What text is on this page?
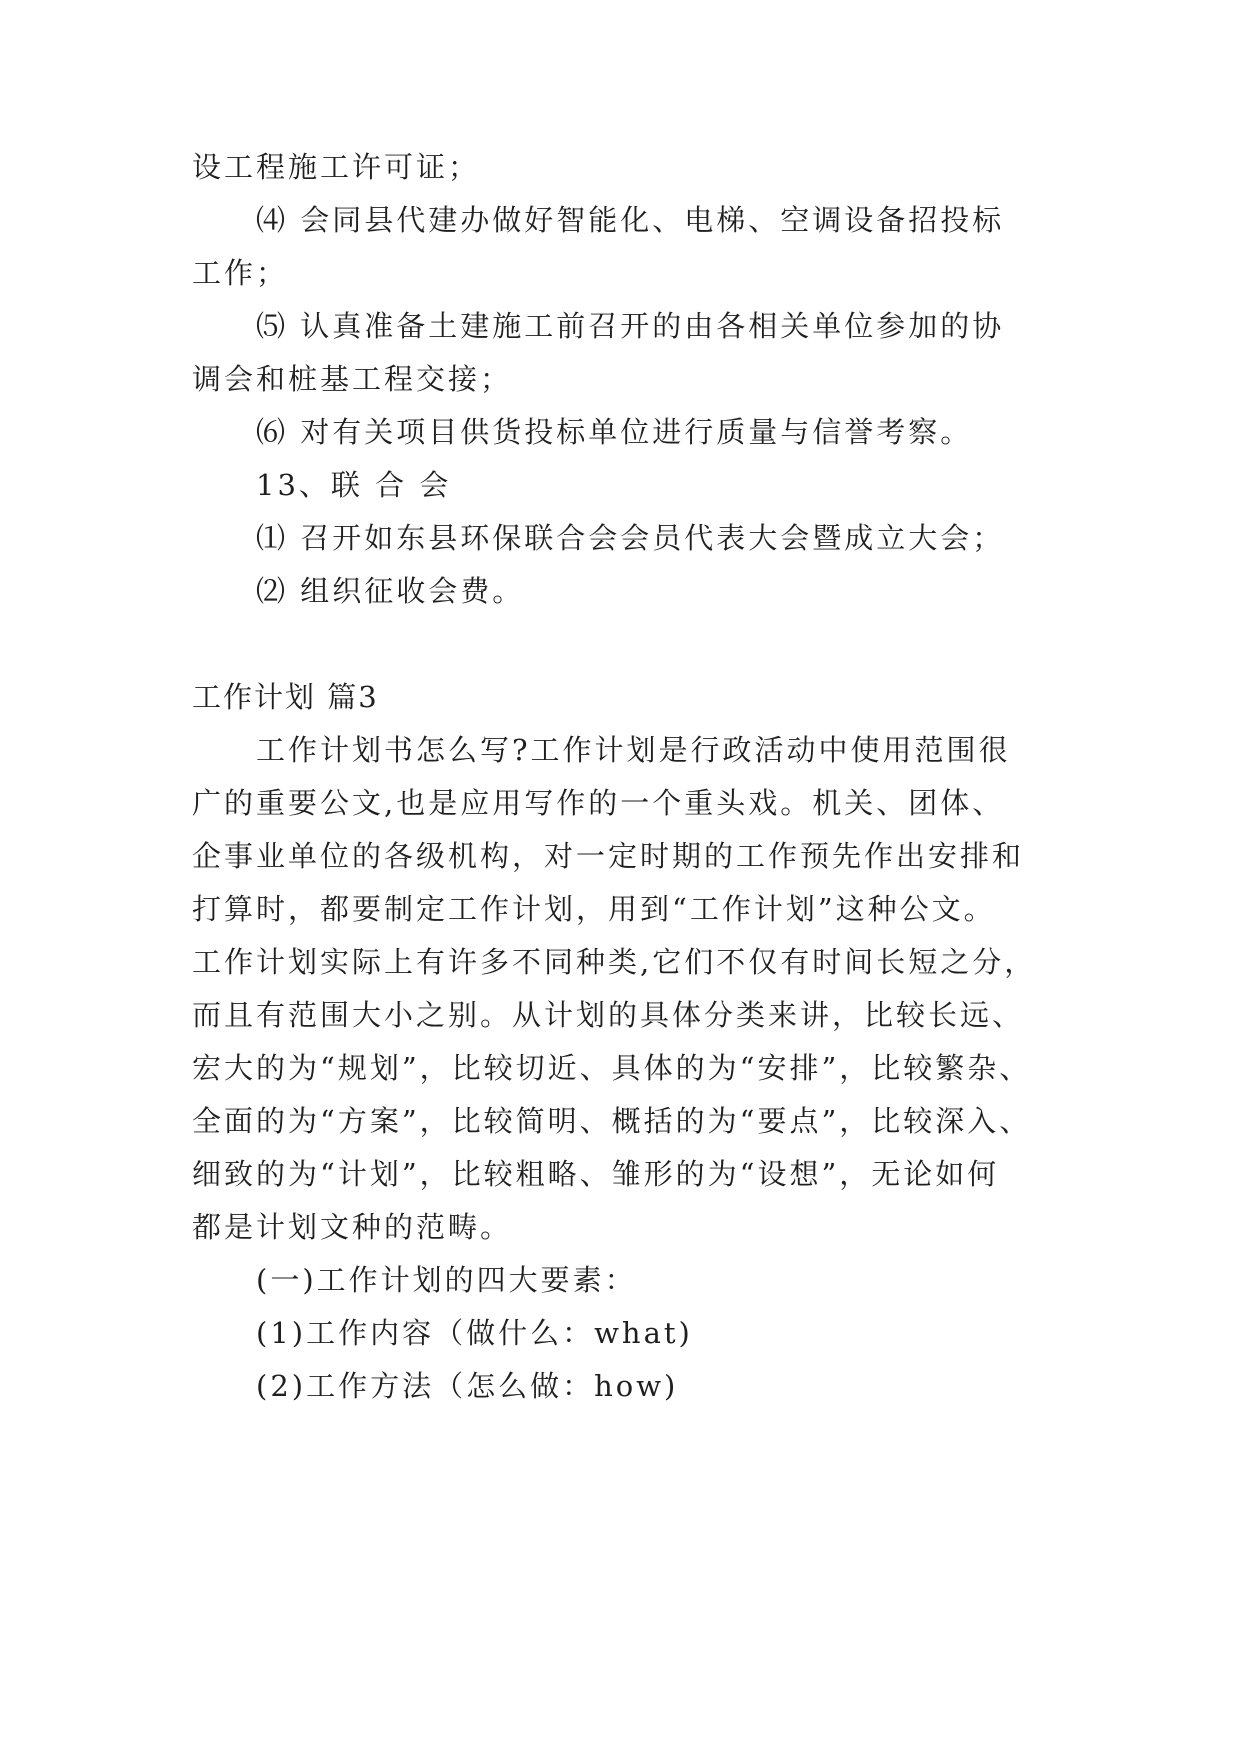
设工程施工许可证；
⑷ 会同县代建办做好智能化、电梯、空调设备招投标
工作；
⑸ 认真准备土建施工前召开的由各相关单位参加的协
调会和桩基工程交接；
⑹ 对有关项目供货投标单位进行质量与信誉考察。
13、联 合 会
⑴ 召开如东县环保联合会会员代表大会暨成立大会；
⑵ 组织征收会费。
工作计划 篇3
工作计划书怎么写?工作计划是行政活动中使用范围很
广的重要公文,也是应用写作的一个重头戏。机关、团体、
企事业单位的各级机构，对一定时期的工作预先作出安排和
打算时，都要制定工作计划，用到“工作计划”这种公文。
工作计划实际上有许多不同种类,它们不仅有时间长短之分，
而且有范围大小之别。从计划的具体分类来讲，比较长远、
宏大的为“规划”，比较切近、具体的为“安排”，比较繁杂、
全面的为“方案”，比较简明、概括的为“要点”，比较深入、
细致的为“计划”，比较粗略、雏形的为“设想”，无论如何
都是计划文种的范畴。
(一)工作计划的四大要素：
(1)工作内容（做什么：what)
(2)工作方法（怎么做：how)
